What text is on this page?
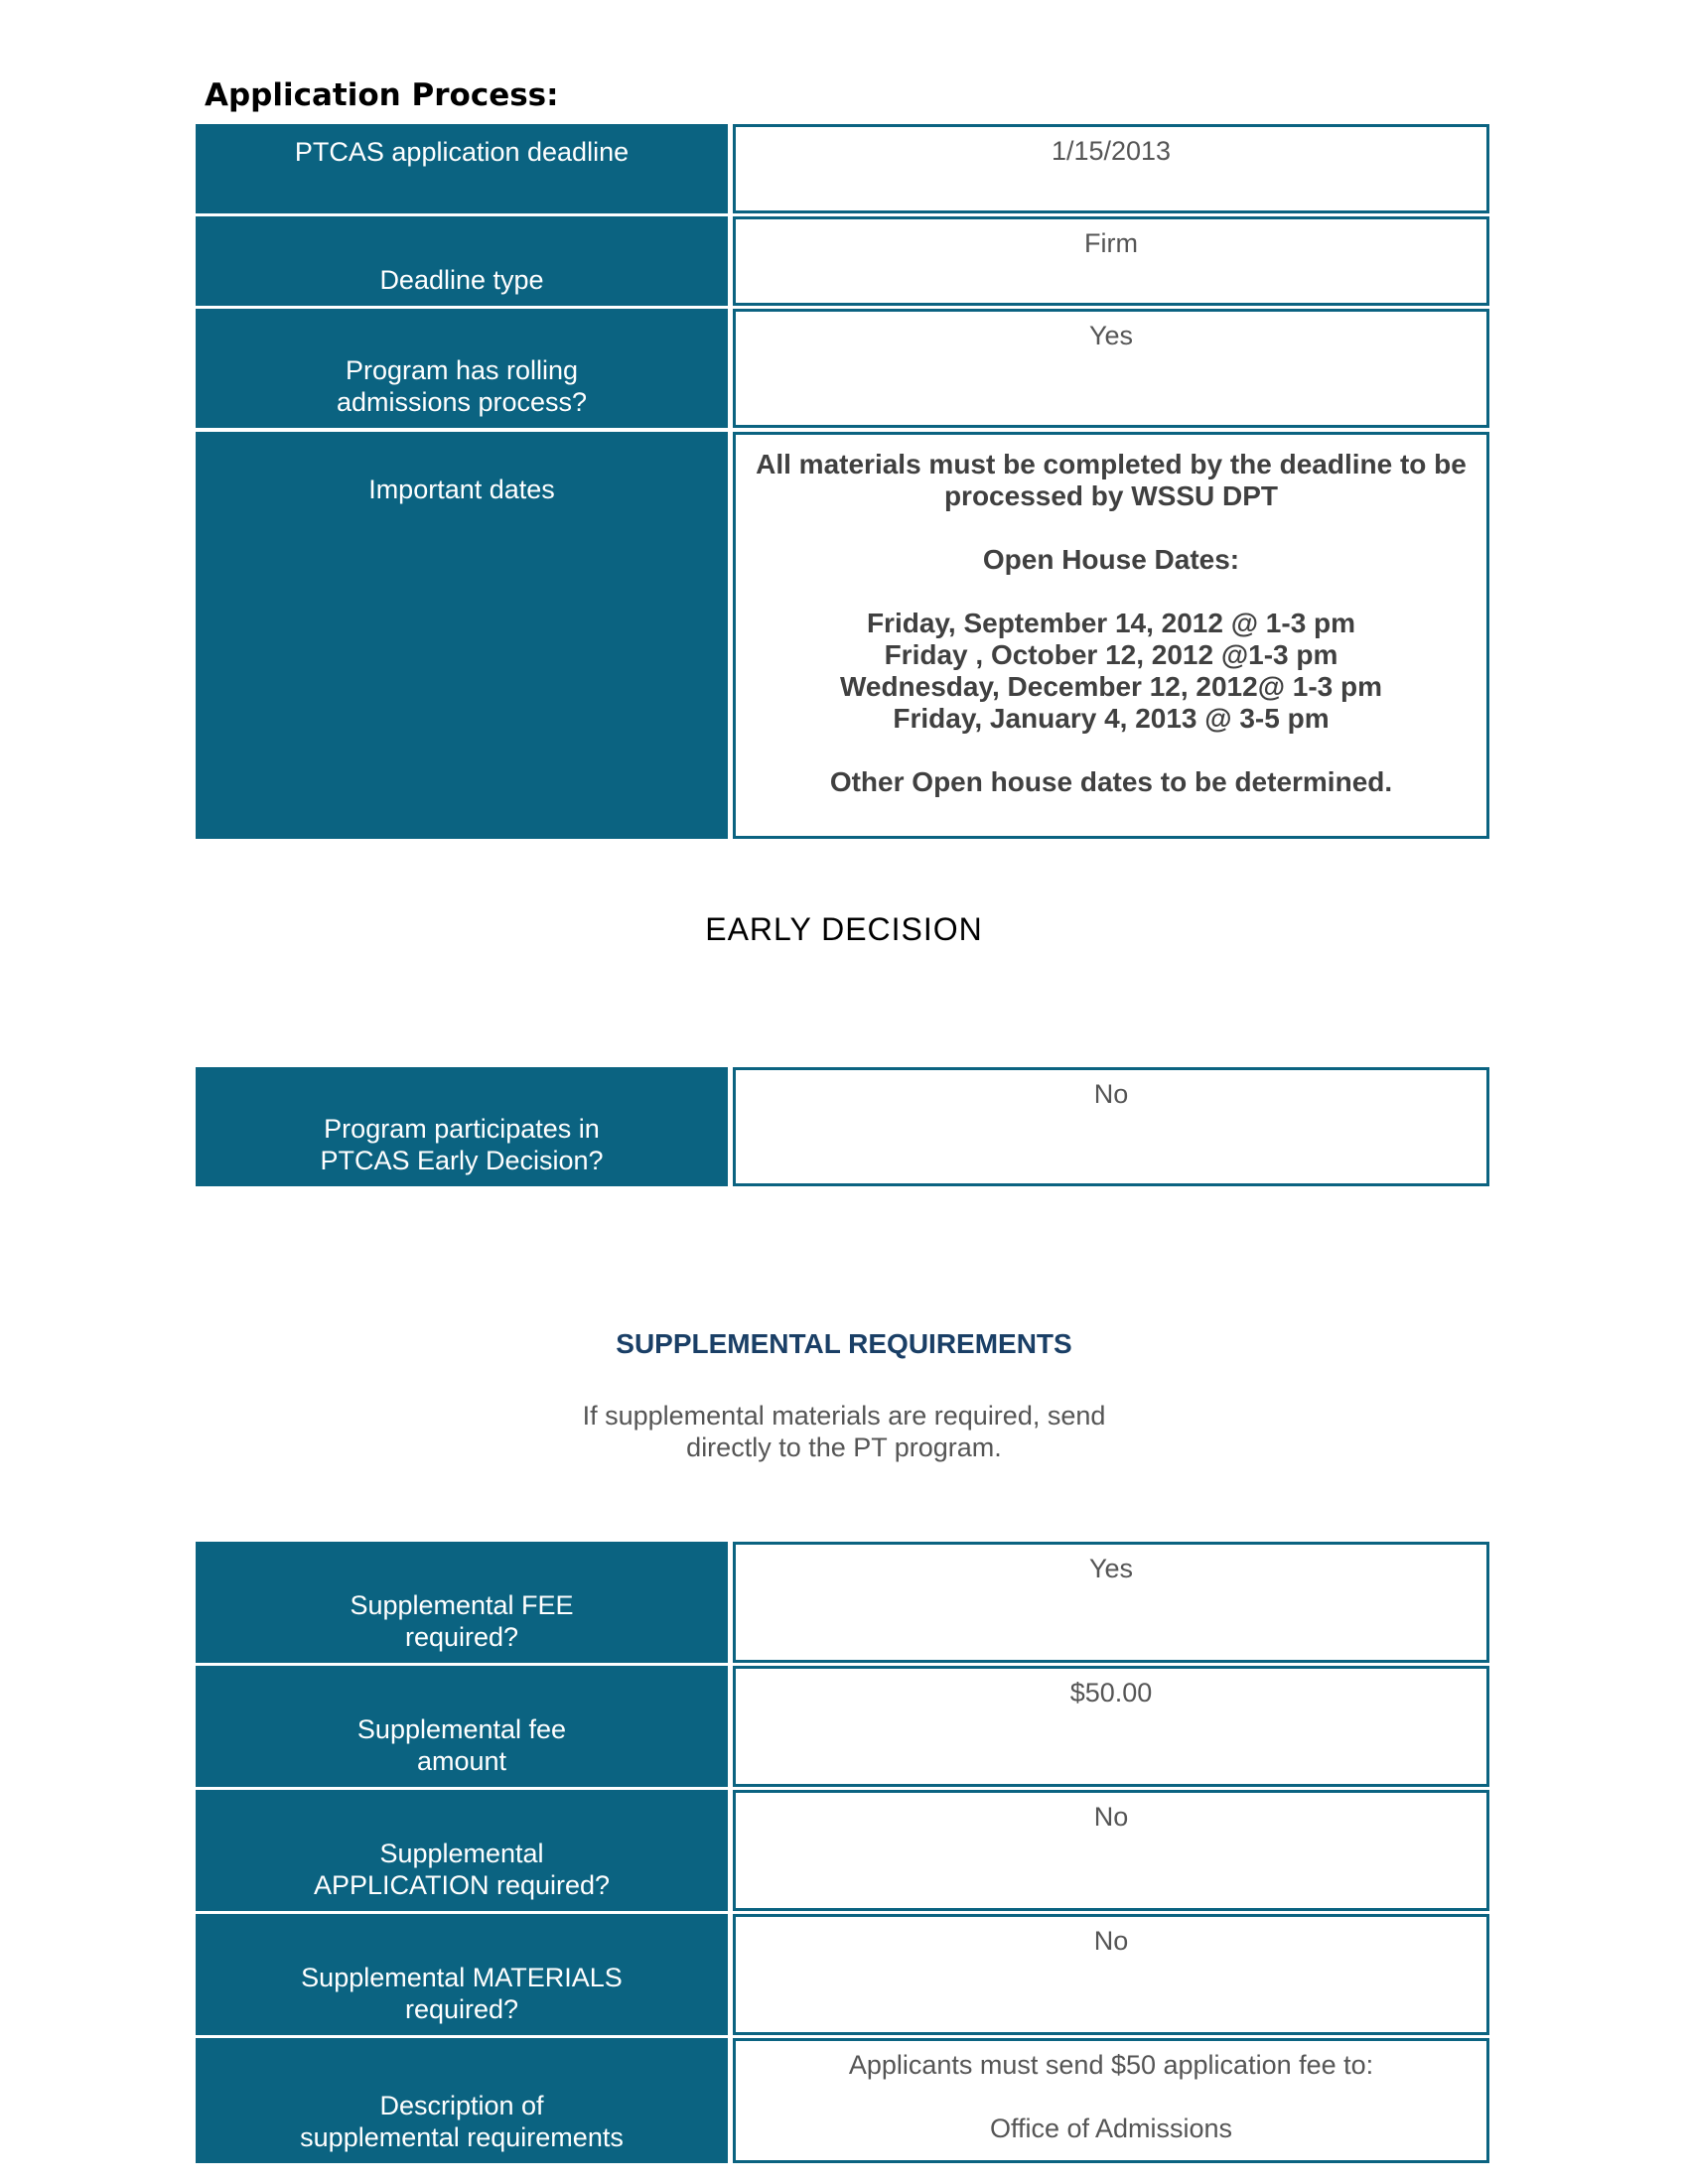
Application Process:
PTCAS application deadline	1/15/2013
Deadline type
Firm
Program has rolling
admissions process?
Yes
Important dates
All materials must be completed by the deadline to be processed by WSSU DPT

Open House Dates:

Friday, September 14, 2012 @ 1-3 pm
Friday , October 12, 2012 @1-3 pm
Wednesday, December 12, 2012@ 1-3 pm
Friday, January 4, 2013 @ 3-5 pm

Other Open house dates to be determined.
EARLY DECISION
Program participates in
PTCAS Early Decision?
No
SUPPLEMENTAL REQUIREMENTS
If supplemental materials are required, send
directly to the PT program.
Supplemental FEE
required?
Yes
Supplemental fee
amount
$50.00
Supplemental
APPLICATION required?
No
Supplemental MATERIALS
required?
No
Description of
supplemental requirements
Applicants must send $50 application fee to:

Office of Admissions
